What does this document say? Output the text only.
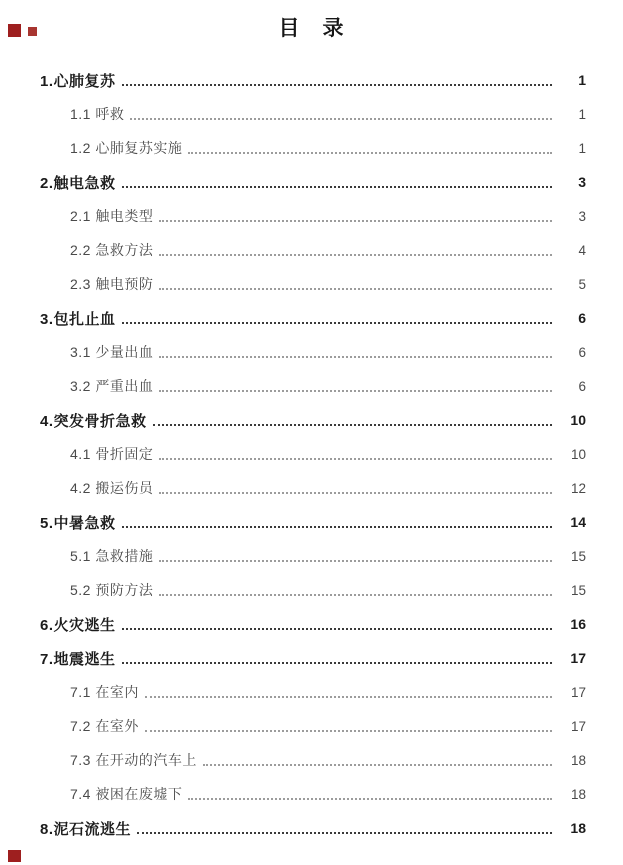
目　录
1.心肺复苏	1
1.1 呼救	1
1.2 心肺复苏实施	1
2.触电急救	3
2.1 触电类型	3
2.2 急救方法	4
2.3 触电预防	5
3.包扎止血	6
3.1 少量出血	6
3.2 严重出血	6
4.突发骨折急救	10
4.1 骨折固定	10
4.2 搬运伤员	12
5.中暑急救	14
5.1 急救措施	15
5.2 预防方法	15
6.火灾逃生	16
7.地震逃生	17
7.1 在室内	17
7.2 在室外	17
7.3 在开动的汽车上	18
7.4 被困在废墟下	18
8.泥石流逃生	18
